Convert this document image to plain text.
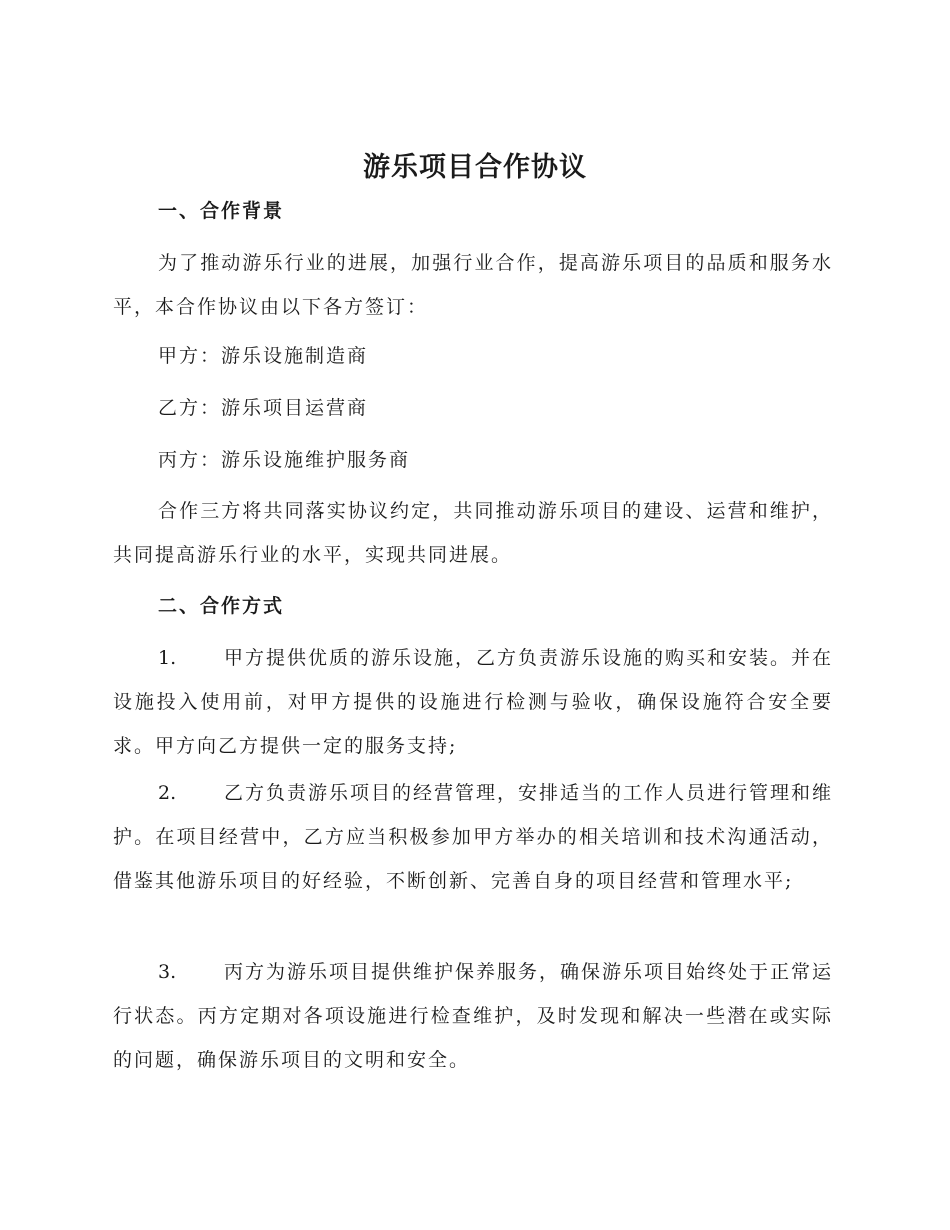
游乐项目合作协议
一、合作背景

为了推动游乐行业的进展，加强行业合作，提高游乐项目的品质和服务水平，本合作协议由以下各方签订：

甲方：游乐设施制造商
乙方：游乐项目运营商
丙方：游乐设施维护服务商

合作三方将共同落实协议约定，共同推动游乐项目的建设、运营和维护，共同提高游乐行业的水平，实现共同进展。

二、合作方式

1.	甲方提供优质的游乐设施，乙方负责游乐设施的购买和安装。并在设施投入使用前，对甲方提供的设施进行检测与验收，确保设施符合安全要求。甲方向乙方提供一定的服务支持;

2.	乙方负责游乐项目的经营管理，安排适当的工作人员进行管理和维护。在项目经营中，乙方应当积极参加甲方举办的相关培训和技术沟通活动，借鉴其他游乐项目的好经验，不断创新、完善自身的项目经营和管理水平;

3.	丙方为游乐项目提供维护保养服务，确保游乐项目始终处于正常运行状态。丙方定期对各项设施进行检查维护，及时发现和解决一些潜在或实际的问题，确保游乐项目的文明和安全。
